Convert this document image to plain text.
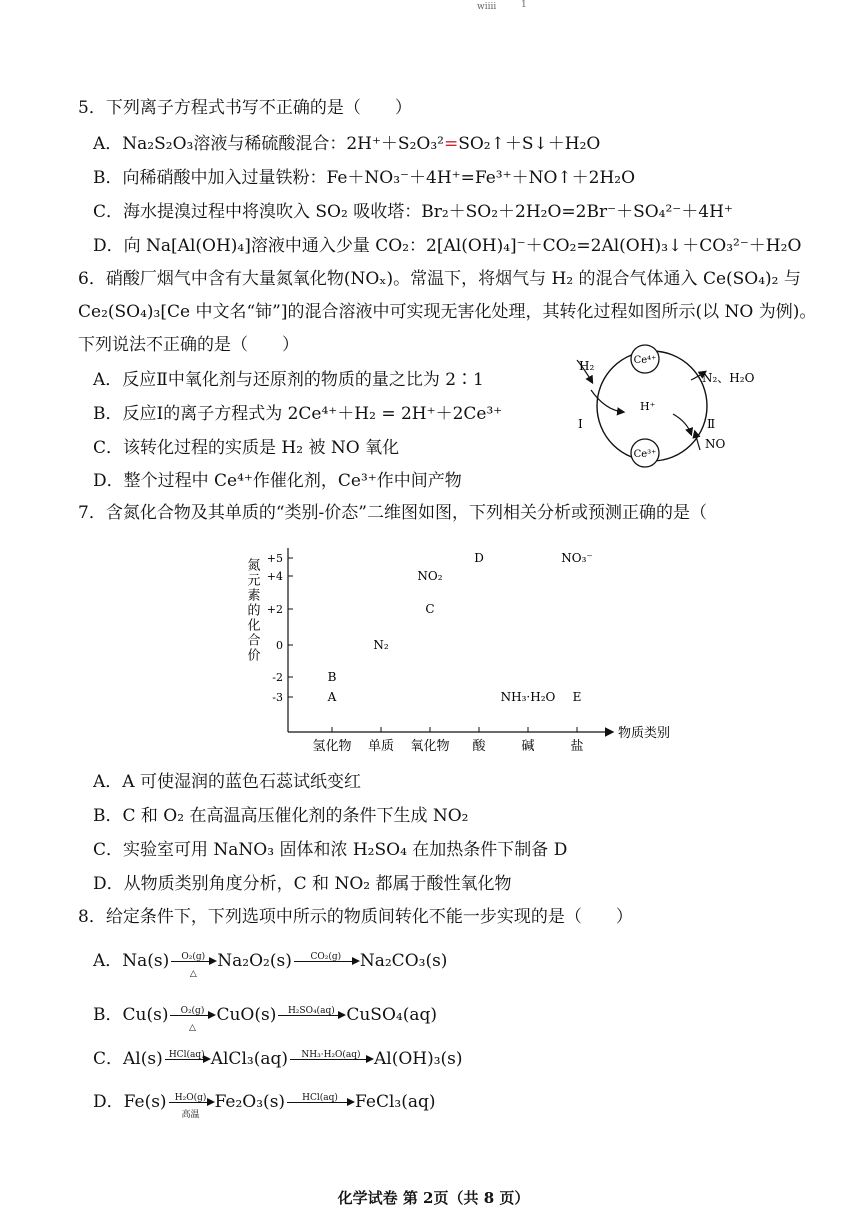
wiiii	1
5．下列离子方程式书写不正确的是（　　）
A．Na₂S₂O₃溶液与稀硫酸混合：2H⁺＋S₂O₃²=SO₂↑＋S↓＋H₂O
B．向稀硝酸中加入过量铁粉：Fe＋NO₃⁻＋4H⁺=Fe³⁺＋NO↑＋2H₂O
C．海水提溴过程中将溴吹入 SO₂ 吸收塔：Br₂＋SO₂＋2H₂O=2Br⁻＋SO₄²⁻＋4H⁺
D．向 Na[Al(OH)₄]溶液中通入少量 CO₂：2[Al(OH)₄]⁻＋CO₂=2Al(OH)₃↓＋CO₃²⁻＋H₂O
6．硝酸厂烟气中含有大量氮氧化物(NOₓ)。常温下，将烟气与 H₂ 的混合气体通入 Ce(SO₄)₂ 与
Ce₂(SO₄)₃[Ce 中文名“铈”]的混合溶液中可实现无害化处理，其转化过程如图所示(以 NO 为例)。
下列说法不正确的是（　　）
A．反应Ⅱ中氧化剂与还原剂的物质的量之比为 2∶1
B．反应Ⅰ的离子方程式为 2Ce⁴⁺＋H₂ = 2H⁺＋2Ce³⁺
C．该转化过程的实质是 H₂ 被 NO 氧化
D．整个过程中 Ce⁴⁺作催化剂，Ce³⁺作中间产物
Ce⁴⁺
Ce³⁺
H₂
H⁺
N₂、H₂O
Ⅰ	Ⅱ
NO
7．含氮化合物及其单质的“类别-价态”二维图如图，下列相关分析或预测正确的是（
氮元素的化合价
物质类别
+5
+4
+2
0
-2
-3
氢化物 单质 氧化物 酸	碱	盐
NO₂
C
D	NO₃⁻
N₂
B
A	NH₃·H₂O E
A．A 可使湿润的蓝色石蕊试纸变红
B．C 和 O₂ 在高温高压催化剂的条件下生成 NO₂
C．实验室可用 NaNO₃ 固体和浓 H₂SO₄ 在加热条件下制备 D
D．从物质类别角度分析，C 和 NO₂ 都属于酸性氧化物
8．给定条件下，下列选项中所示的物质间转化不能一步实现的是（　　）
A．Na(s)	O₂(g)
△
Na₂O₂(s)	CO₂(g)	Na₂CO₃(s)
B．Cu(s)	O₂(g)
△
CuO(s)	H₂SO₄(aq) CuSO₄(aq)
C．Al(s) HCl(aq) AlCl₃(aq)	NH₃·H₂O(aq) Al(OH)₃(s)
D．Fe(s) H₂O(g)
高温
Fe₂O₃(s)	HCl(aq)	FeCl₃(aq)
化学试卷 第 2页（共 8 页）
